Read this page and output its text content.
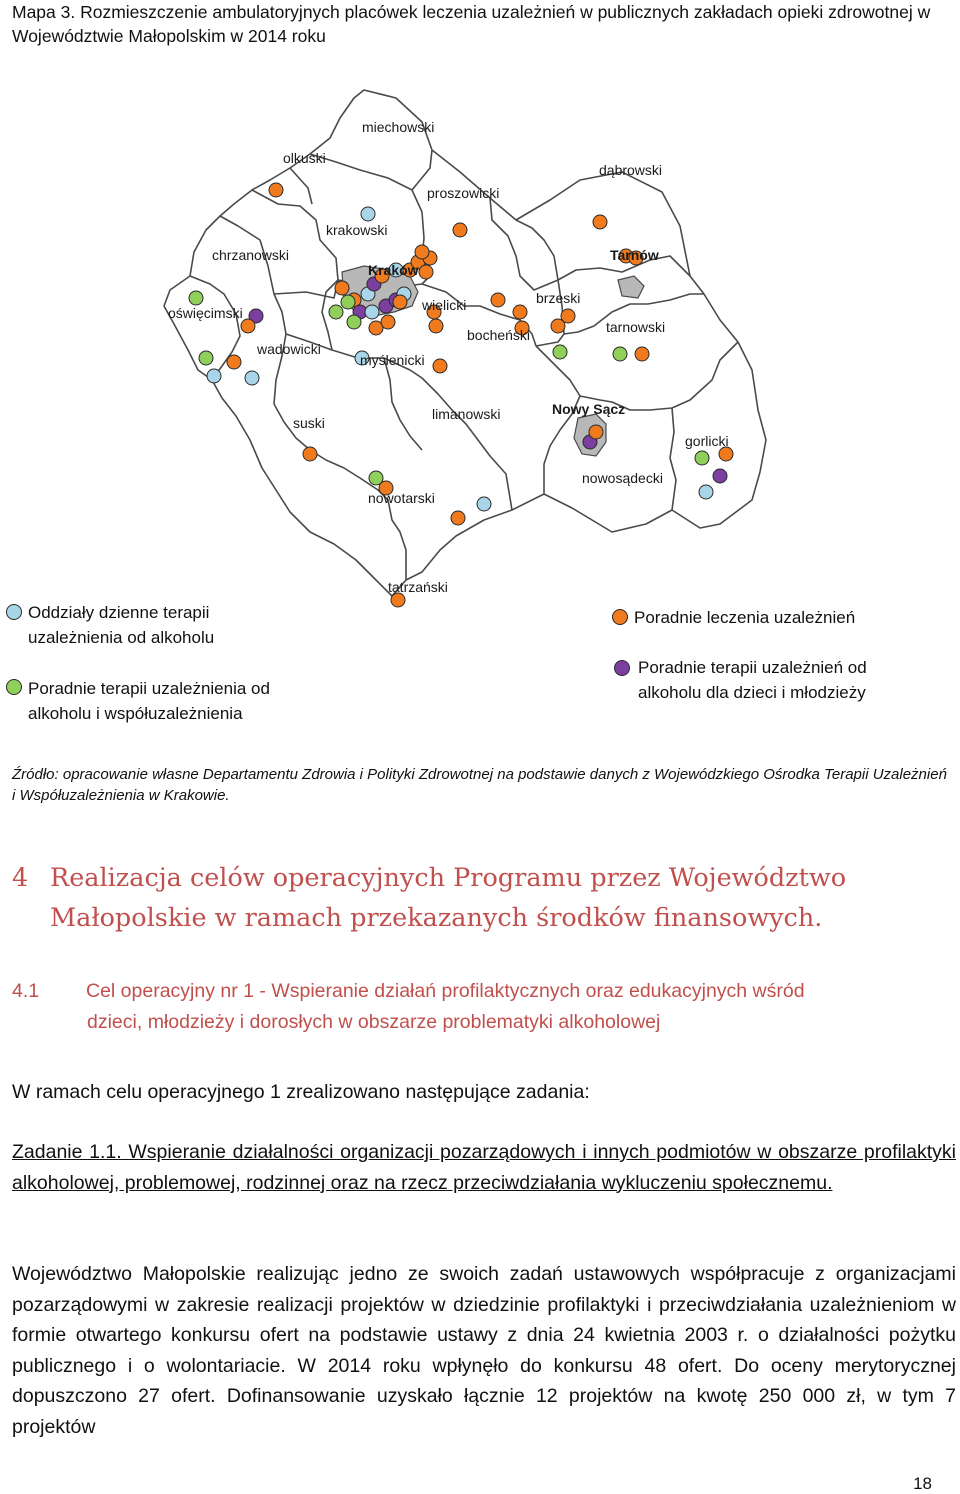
Mapa 3. Rozmieszczenie ambulatoryjnych placówek leczenia uzależnień w publicznych zakładach opieki zdrowotnej w Województwie Małopolskim w 2014 roku
miechowski
olkuski
proszowicki
dąbrowski
krakowski
chrzanowski
Kraków
Tarnów
oświęcimski	wielicki	brzeski
tarnowski
bocheński
wadowicki
myślenicki
suski
limanowski	Nowy Sącz
gorlicki
nowosądecki
nowotarski
tatrzański
Oddziały dzienne terapii uzależnienia od alkoholu
Poradnie terapii uzależnienia od alkoholu i współuzależnienia
Poradnie leczenia uzależnień
Poradnie terapii uzależnień od alkoholu dla dzieci i młodzieży
Źródło: opracowanie własne Departamentu Zdrowia i Polityki Zdrowotnej na podstawie danych z Wojewódzkiego Ośrodka Terapii Uzależnień i Współuzależnienia w Krakowie.
4 Realizacja celów operacyjnych Programu przez Województwo
Małopolskie w ramach przekazanych środków finansowych.
4.1 Cel operacyjny nr 1 - Wspieranie działań profilaktycznych oraz edukacyjnych wśród
dzieci, młodzieży i dorosłych w obszarze problematyki alkoholowej
W ramach celu operacyjnego 1 zrealizowano następujące zadania:
Zadanie 1.1. Wspieranie działalności organizacji pozarządowych i innych podmiotów w obszarze profilaktyki alkoholowej, problemowej, rodzinnej oraz na rzecz przeciwdziałania wykluczeniu społecznemu.
Województwo Małopolskie realizując jedno ze swoich zadań ustawowych współpracuje z organizacjami pozarządowymi w zakresie realizacji projektów w dziedzinie profilaktyki i przeciwdziałania uzależnieniom w formie otwartego konkursu ofert na podstawie ustawy z dnia 24 kwietnia 2003 r. o działalności pożytku publicznego i o wolontariacie. W 2014 roku wpłynęło do konkursu 48 ofert. Do oceny merytorycznej dopuszczono 27 ofert. Dofinansowanie uzyskało łącznie 12 projektów na kwotę 250 000 zł, w tym 7 projektów
18
